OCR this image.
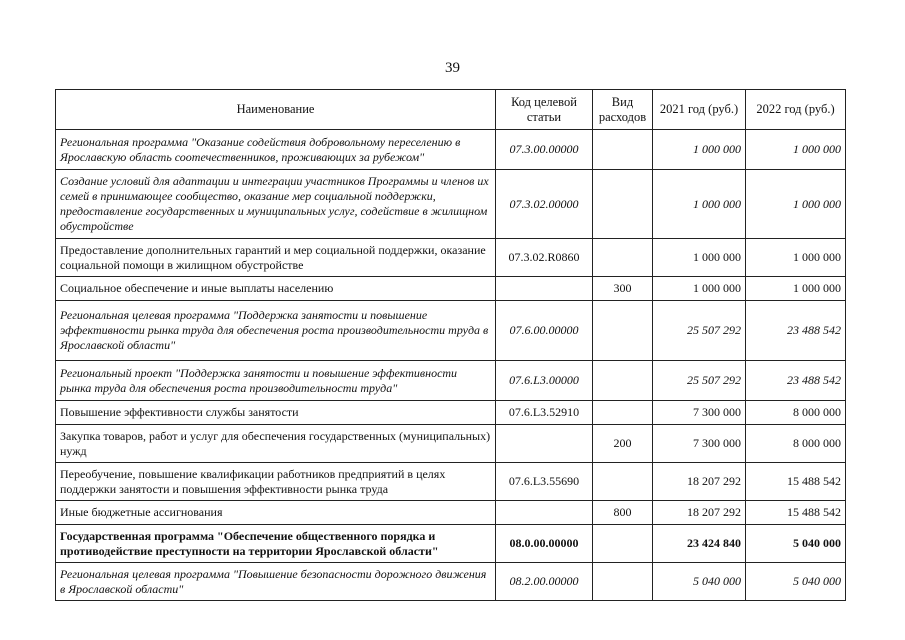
39
Наименование	Код целевой статьи	Вид расходов	2021 год (руб.)	2022 год (руб.)
Региональная программа "Оказание содействия добровольному переселению в Ярославскую область соотечественников, проживающих за рубежом"	07.3.00.00000		1 000 000	1 000 000
Создание условий для адаптации и интеграции участников Программы и членов их семей в принимающее сообщество, оказание мер социальной поддержки, предоставление государственных и муниципальных услуг, содействие в жилищном обустройстве	07.3.02.00000		1 000 000	1 000 000
Предоставление дополнительных гарантий и мер социальной поддержки, оказание социальной помощи в жилищном обустройстве	07.3.02.R0860		1 000 000	1 000 000
Социальное обеспечение и иные выплаты населению		300	1 000 000	1 000 000
Региональная целевая программа "Поддержка занятости и повышение эффективности рынка труда для обеспечения роста производительности труда в Ярославской области"	07.6.00.00000		25 507 292	23 488 542
Региональный проект "Поддержка занятости и повышение эффективности рынка труда для обеспечения роста производительности труда"	07.6.L3.00000		25 507 292	23 488 542
Повышение эффективности службы занятости	07.6.L3.52910		7 300 000	8 000 000
Закупка товаров, работ и услуг для обеспечения государственных (муниципальных) нужд		200	7 300 000	8 000 000
Переобучение, повышение квалификации работников предприятий в целях поддержки занятости и повышения эффективности рынка труда	07.6.L3.55690		18 207 292	15 488 542
Иные бюджетные ассигнования		800	18 207 292	15 488 542
Государственная программа "Обеспечение общественного порядка и противодействие преступности на территории Ярославской области"	08.0.00.00000		23 424 840	5 040 000
Региональная целевая программа "Повышение безопасности дорожного движения в Ярославской области"	08.2.00.00000		5 040 000	5 040 000
